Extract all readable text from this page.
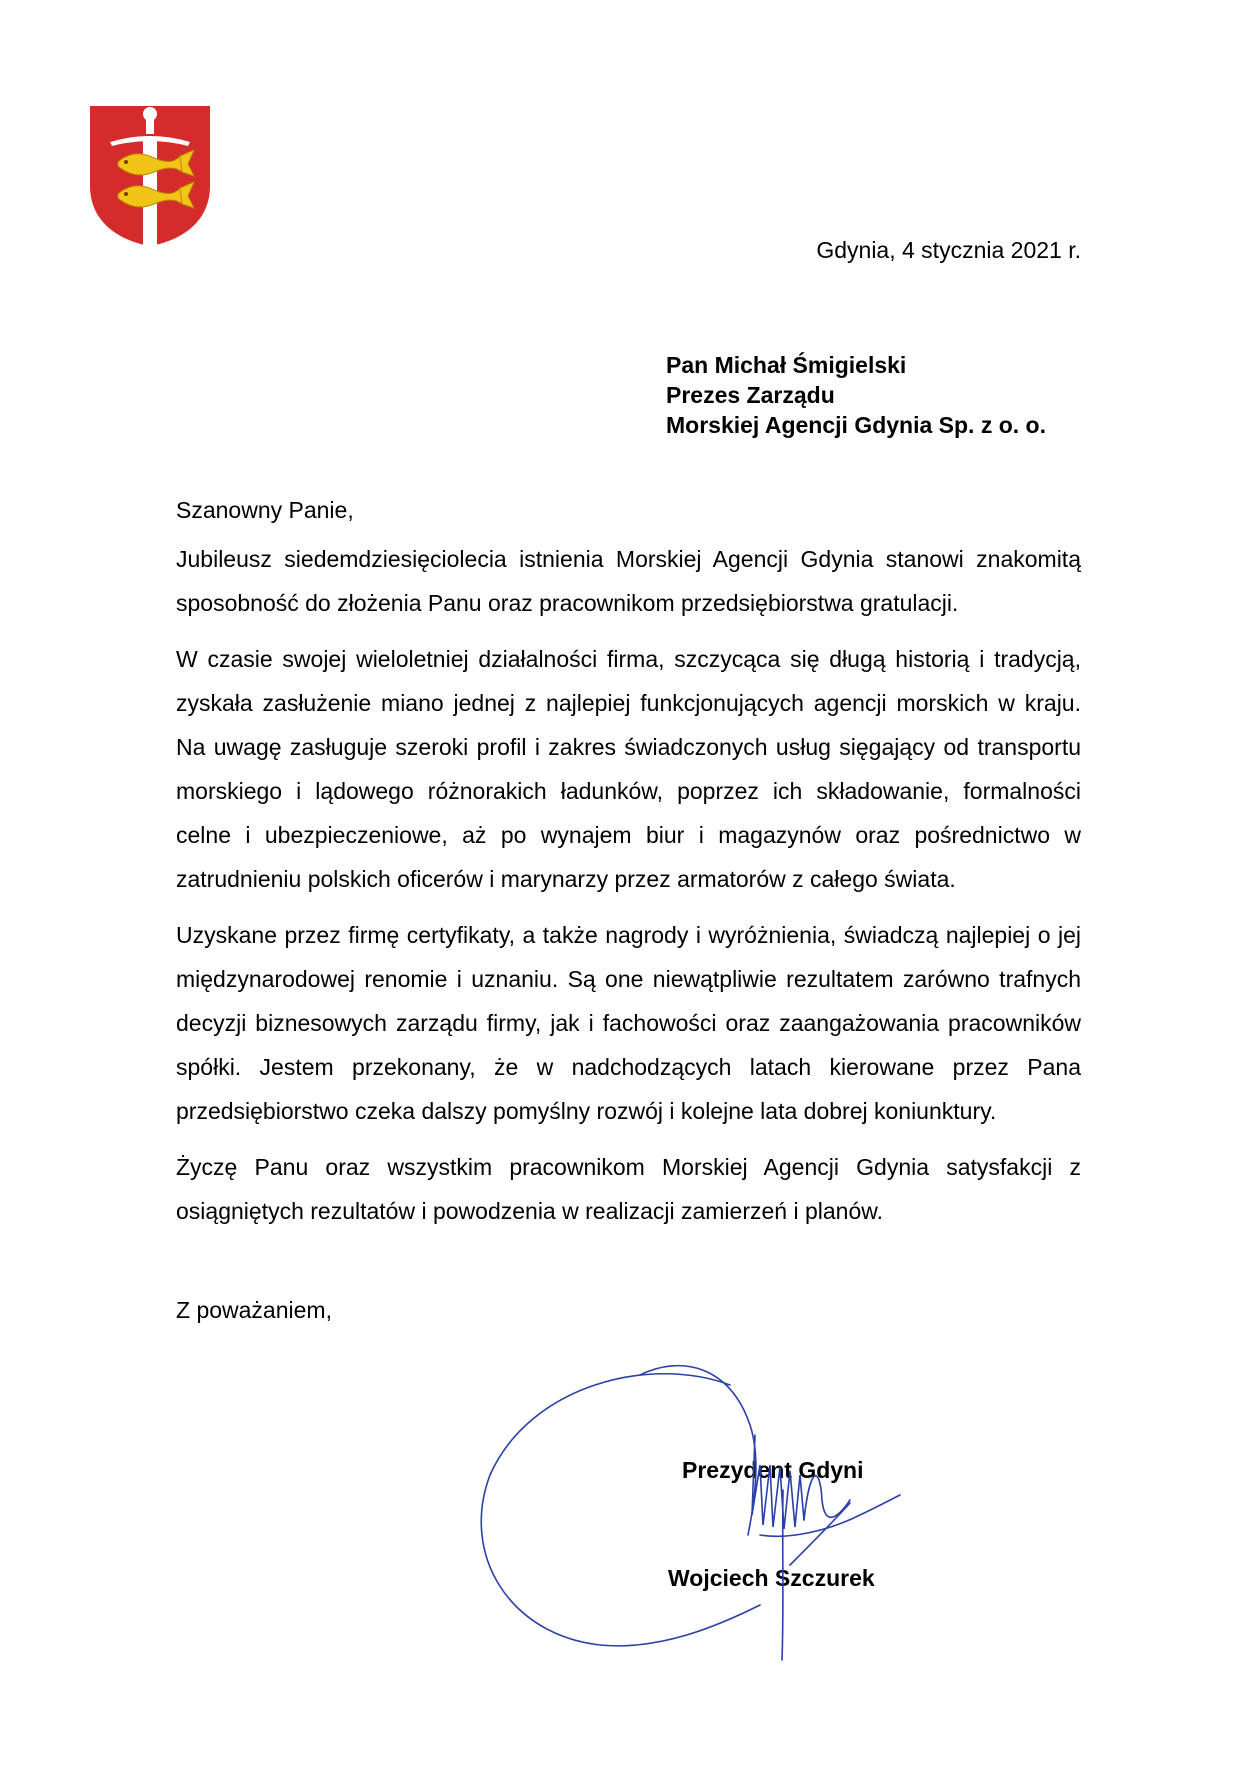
Gdynia, 4 stycznia 2021 r.
Pan Michał Śmigielski
Prezes Zarządu
Morskiej Agencji Gdynia Sp. z o. o.

Szanowny Panie,

Jubileusz siedemdziesięciolecia istnienia Morskiej Agencji Gdynia stanowi znakomitą sposobność do złożenia Panu oraz pracownikom przedsiębiorstwa gratulacji.

W czasie swojej wieloletniej działalności firma, szczycąca się długą historią i tradycją, zyskała zasłużenie miano jednej z najlepiej funkcjonujących agencji morskich w kraju. Na uwagę zasługuje szeroki profil i zakres świadczonych usług sięgający od transportu morskiego i lądowego różnorakich ładunków, poprzez ich składowanie, formalności celne i ubezpieczeniowe, aż po wynajem biur i magazynów oraz pośrednictwo w zatrudnieniu polskich oficerów i marynarzy przez armatorów z całego świata.

Uzyskane przez firmę certyfikaty, a także nagrody i wyróżnienia, świadczą najlepiej o jej międzynarodowej renomie i uznaniu. Są one niewątpliwie rezultatem zarówno trafnych decyzji biznesowych zarządu firmy, jak i fachowości oraz zaangażowania pracowników spółki. Jestem przekonany, że w nadchodzących latach kierowane przez Pana przedsiębiorstwo czeka dalszy pomyślny rozwój i kolejne lata dobrej koniunktury.

Życzę Panu oraz wszystkim pracownikom Morskiej Agencji Gdynia satysfakcji z osiągniętych rezultatów i powodzenia w realizacji zamierzeń i planów.

Z poważaniem,

Prezydent Gdyni
Wojciech Szczurek
